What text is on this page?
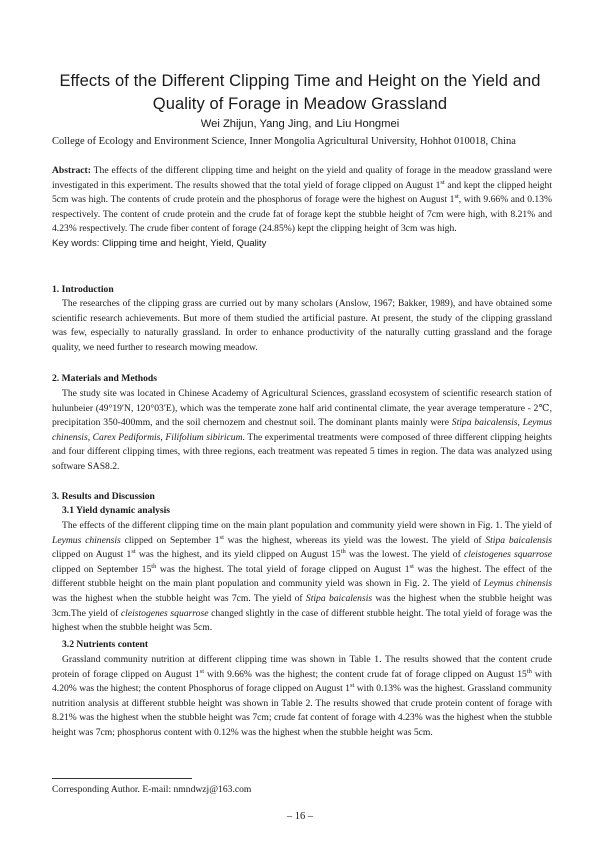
Effects of the Different Clipping Time and Height on the Yield and
Quality of Forage in Meadow Grassland
Wei Zhijun, Yang Jing, and Liu Hongmei
College of Ecology and Environment Science, Inner Mongolia Agricultural University, Hohhot 010018, China

Abstract: The effects of the different clipping time and height on the yield and quality of forage in the meadow grassland were investigated in this experiment. The results showed that the total yield of forage clipped on August 1st and kept the clipped height 5cm was high. The contents of crude protein and the phosphorus of forage were the highest on August 1st, with 9.66% and 0.13% respectively. The content of crude protein and the crude fat of forage kept the stubble height of 7cm were high, with 8.21% and 4.23% respectively. The crude fiber content of forage (24.85%) kept the clipping height of 3cm was high.

Key words: Clipping time and height, Yield, Quality

1. Introduction

The researches of the clipping grass are curried out by many scholars (Anslow, 1967; Bakker, 1989), and have obtained some scientific research achievements. But more of them studied the artificial pasture. At present, the study of the clipping grassland was few, especially to naturally grassland. In order to enhance productivity of the naturally cutting grassland and the forage quality, we need further to research mowing meadow.

2. Materials and Methods

The study site was located in Chinese Academy of Agricultural Sciences, grassland ecosystem of scientific research station of hulunbeier (49°19′N, 120°03′E), which was the temperate zone half arid continental climate, the year average temperature - 2℃, precipitation 350-400mm, and the soil chernozem and chestnut soil. The dominant plants mainly were Stipa baicalensis, Leymus chinensis, Carex Pediformis, Filifolium sibiricum. The experimental treatments were composed of three different clipping heights and four different clipping times, with three regions, each treatment was repeated 5 times in region. The data was analyzed using software SAS8.2.

3. Results and Discussion
3.1 Yield dynamic analysis

The effects of the different clipping time on the main plant population and community yield were shown in Fig. 1. The yield of Leymus chinensis clipped on September 1st was the highest, whereas its yield was the lowest. The yield of Stipa baicalensis clipped on August 1st was the highest, and its yield clipped on August 15th was the lowest. The yield of cleistogenes squarrose clipped on September 15th was the highest. The total yield of forage clipped on August 1st was the highest. The effect of the different stubble height on the main plant population and community yield was shown in Fig. 2. The yield of Leymus chinensis was the highest when the stubble height was 7cm. The yield of Stipa baicalensis was the highest when the stubble height was 3cm.The yield of cleistogenes squarrose changed slightly in the case of different stubble height. The total yield of forage was the highest when the stubble height was 5cm.

3.2 Nutrients content

Grassland community nutrition at different clipping time was shown in Table 1. The results showed that the content crude protein of forage clipped on August 1st with 9.66% was the highest; the content crude fat of forage clipped on August 15th with 4.20% was the highest; the content Phosphorus of forage clipped on August 1st with 0.13% was the highest. Grassland community nutrition analysis at different stubble height was shown in Table 2. The results showed that crude protein content of forage with 8.21% was the highest when the stubble height was 7cm; crude fat content of forage with 4.23% was the highest when the stubble height was 7cm; phosphorus content with 0.12% was the highest when the stubble height was 5cm.

Corresponding Author. E-mail: nmndwzj@163.com
– 16 –
